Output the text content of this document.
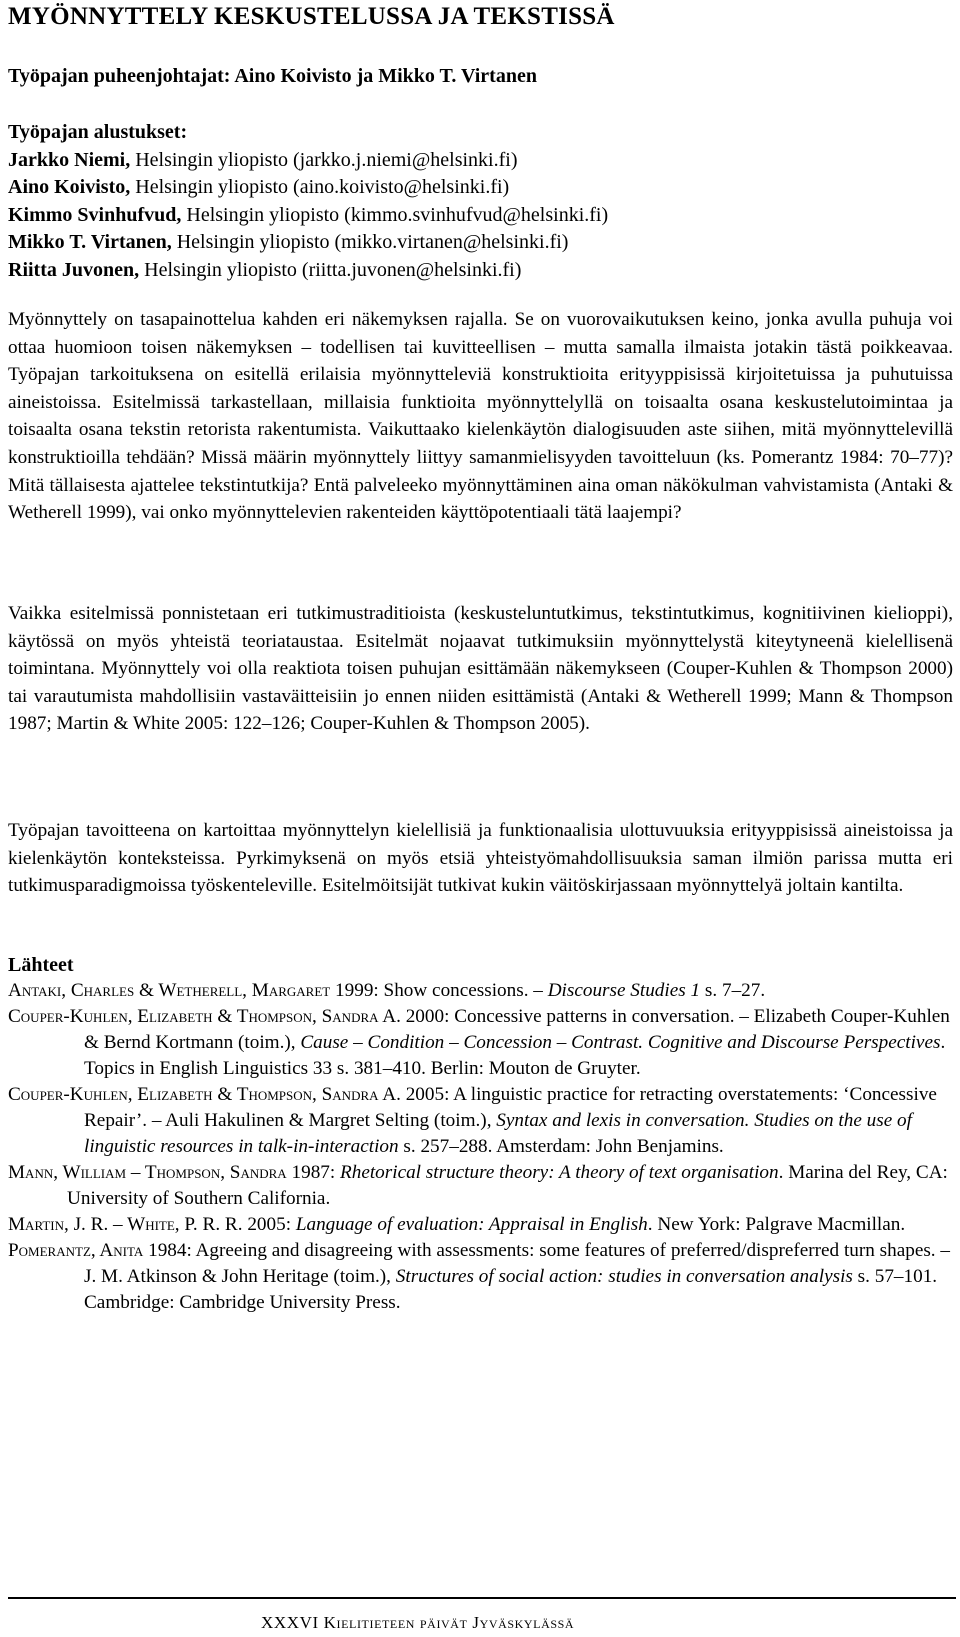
MYÖNNYTTELY KESKUSTELUSSA JA TEKSTISSÄ
Työpajan puheenjohtajat: Aino Koivisto ja Mikko T. Virtanen
Työpajan alustukset:
Jarkko Niemi, Helsingin yliopisto (jarkko.j.niemi@helsinki.fi)
Aino Koivisto, Helsingin yliopisto (aino.koivisto@helsinki.fi)
Kimmo Svinhufvud, Helsingin yliopisto (kimmo.svinhufvud@helsinki.fi)
Mikko T. Virtanen, Helsingin yliopisto (mikko.virtanen@helsinki.fi)
Riitta Juvonen, Helsingin yliopisto (riitta.juvonen@helsinki.fi)

Myönnyttely on tasapainottelua kahden eri näkemyksen rajalla. Se on vuorovaikutuksen keino, jonka avulla puhuja voi ottaa huomioon toisen näkemyksen – todellisen tai kuvitteellisen – mutta samalla ilmaista jotakin tästä poikkeavaa. Työpajan tarkoituksena on esitellä erilaisia myönnytteleviä konstruktioita erityyppisissä kirjoitetuissa ja puhutuissa aineistoissa. Esitelmissä tarkastellaan, millaisia funktioita myönnyttelyllä on toisaalta osana keskustelutoimintaa ja toisaalta osana tekstin retorista rakentumista. Vaikuttaako kielenkäytön dialogisuuden aste siihen, mitä myönnyttelevillä konstruktioilla tehdään? Missä määrin myönnyttely liittyy samanmielisyyden tavoitteluun (ks. Pomerantz 1984: 70–77)? Mitä tällaisesta ajattelee tekstintutkija? Entä palveleeko myönnyttäminen aina oman näkökulman vahvistamista (Antaki & Wetherell 1999), vai onko myönnyttelevien rakenteiden käyttöpotentiaali tätä laajempi?

Vaikka esitelmissä ponnistetaan eri tutkimustraditioista (keskusteluntutkimus, tekstintutkimus, kognitiivinen kielioppi), käytössä on myös yhteistä teoriataustaa. Esitelmät nojaavat tutkimuksiin myönnyttelystä kiteytyneenä kielellisenä toimintana. Myönnyttely voi olla reaktiota toisen puhujan esittämään näkemykseen (Couper-Kuhlen & Thompson 2000) tai varautumista mahdollisiin vastaväitteisiin jo ennen niiden esittämistä (Antaki & Wetherell 1999; Mann & Thompson 1987; Martin & White 2005: 122–126; Couper-Kuhlen & Thompson 2005).

Työpajan tavoitteena on kartoittaa myönnyttelyn kielellisiä ja funktionaalisia ulottuvuuksia erityyppisissä aineistoissa ja kielenkäytön konteksteissa. Pyrkimyksenä on myös etsiä yhteistyömahdollisuuksia saman ilmiön parissa mutta eri tutkimusparadigmoissa työskenteleville. Esitelmöitsijät tutkivat kukin väitöskirjassaan myönnyttelyä joltain kantilta.

Lähteet

Antaki, Charles & Wetherell, Margaret 1999: Show concessions. – Discourse Studies 1 s. 7–27.

Couper-Kuhlen, Elizabeth & Thompson, Sandra A. 2000: Concessive patterns in conversation. – Elizabeth Couper-Kuhlen & Bernd Kortmann (toim.), Cause – Condition – Concession – Contrast. Cognitive and Discourse Perspectives. Topics in English Linguistics 33 s. 381–410. Berlin: Mouton de Gruyter.

Couper-Kuhlen, Elizabeth & Thompson, Sandra A. 2005: A linguistic practice for retracting overstatements: ‘Concessive Repair’. – Auli Hakulinen & Margret Selting (toim.), Syntax and lexis in conversation. Studies on the use of linguistic resources in talk-in-interaction s. 257–288. Amsterdam: John Benjamins.

Mann, William – Thompson, Sandra 1987: Rhetorical structure theory: A theory of text organisation. Marina del Rey, CA: University of Southern California.

Martin, J. R. – White, P. R. R. 2005: Language of evaluation: Appraisal in English. New York: Palgrave Macmillan.

Pomerantz, Anita 1984: Agreeing and disagreeing with assessments: some features of preferred/dispreferred turn shapes. – J. M. Atkinson & John Heritage (toim.), Structures of social action: studies in conversation analysis s. 57–101. Cambridge: Cambridge University Press.

XXXVI Kielitieteen päivät Jyväskylässä
